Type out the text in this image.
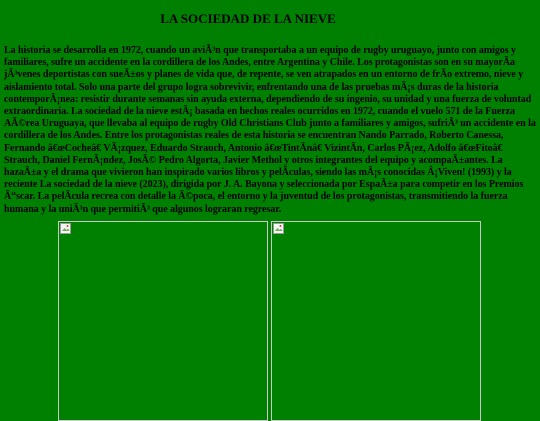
LA SOCIEDAD DE LA NIEVE

La historia se desarrolla en 1972, cuando un aviÃ³n que transportaba a un equipo de rugby uruguayo, junto con amigos y familiares, sufre un accidente en la cordillera de los Andes, entre Argentina y Chile. Los protagonistas son en su mayorÃa jÃ³venes deportistas con sueÃ±os y planes de vida que, de repente, se ven atrapados en un entorno de frÃo extremo, nieve y aislamiento total. Solo una parte del grupo logra sobrevivir, enfrentando una de las pruebas mÃ¡s duras de la historia contemporÃ¡nea: resistir durante semanas sin ayuda externa, dependiendo de su ingenio, su unidad y una fuerza de voluntad extraordinaria. La sociedad de la nieve estÃ¡ basada en hechos reales ocurridos en 1972, cuando el vuelo 571 de la Fuerza AÃ©rea Uruguaya, que llevaba al equipo de rugby Old Christians Club junto a familiares y amigos, sufriÃ³ un accidente en la cordillera de los Andes. Entre los protagonistas reales de esta historia se encuentran Nando Parrado, Roberto Canessa, Fernando â€œCocheâ€ VÃ¡zquez, Eduardo Strauch, Antonio â€œTintÃnâ€ VizintÃn, Carlos PÃ¡ez, Adolfo â€œFitoâ€ Strauch, Daniel FernÃ¡ndez, JosÃ© Pedro Algorta, Javier Methol y otros integrantes del equipo y acompaÃ±antes. La hazaÃ±a y el drama que vivieron han inspirado varios libros y pelÃculas, siendo las mÃ¡s conocidas Â¡Viven! (1993) y la reciente La sociedad de la nieve (2023), dirigida por J. A. Bayona y seleccionada por EspaÃ±a para competir en los Premios Ã“scar. La pelÃcula recrea con detalle la Ã©poca, el entorno y la juventud de los protagonistas, transmitiendo la fuerza humana y la uniÃ³n que permitiÃ³ que algunos lograran regresar.
